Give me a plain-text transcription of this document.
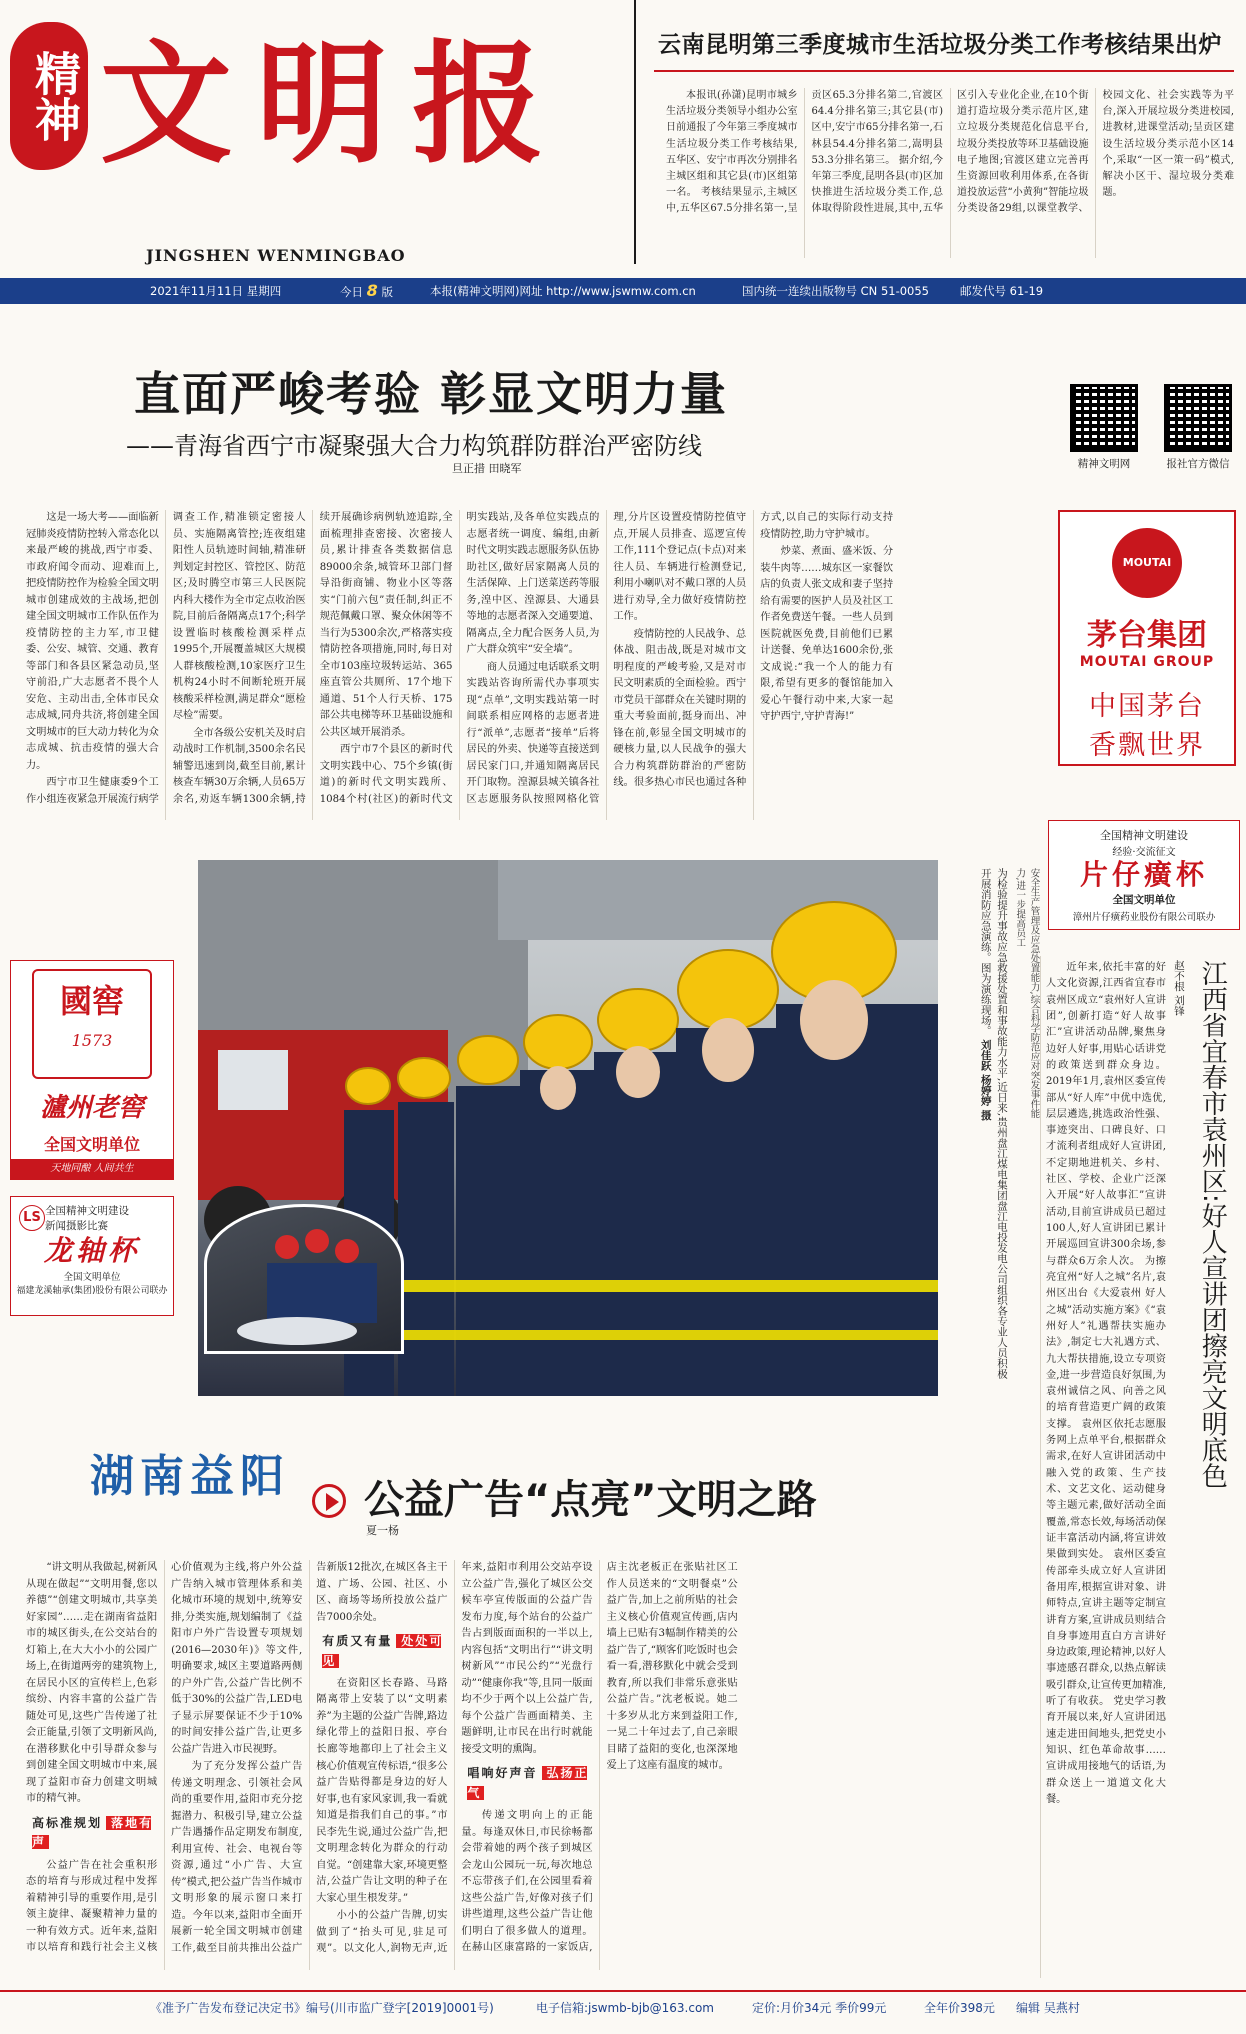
精神 文明报
JINGSHEN WENMINGBAO
云南昆明第三季度城市生活垃圾分类工作考核结果出炉
本报讯(孙潇)昆明市城乡生活垃圾分类领导小组办公室日前通报了今年第三季度城市生活垃圾分类工作考核结果,五华区、安宁市再次分别排名主城区组和其它县(市)区组第一名。 考核结果显示,主城区中,五华区67.5分排名第一,呈贡区65.3分排名第二,官渡区64.4分排名第三;其它县(市)区中,安宁市65分排名第一,石林县54.4分排名第二,嵩明县53.3分排名第三。 据介绍,今年第三季度,昆明各县(市)区加快推进生活垃圾分类工作,总体取得阶段性进展,其中,五华区引入专业化企业,在10个街道打造垃圾分类示范片区,建立垃圾分类规范化信息平台,垃圾分类投放等环卫基础设施电子地图;官渡区建立完善再生资源回收利用体系,在各街道投放运营“小黄狗”智能垃圾分类设备29组,以课堂教学、校园文化、社会实践等为平台,深入开展垃圾分类进校园,进教材,进课堂活动;呈贡区建设生活垃圾分类示范小区14个,采取“一区一策一码”模式,解决小区干、湿垃圾分类难题。
2021年11月11日 星期四	今日 8 版	本报(精神文明网)网址 http://www.jswmw.com.cn	国内统一连续出版物号 CN 51-0055	邮发代号 61-19
直面严峻考验 彰显文明力量
——青海省西宁市凝聚强大合力构筑群防群治严密防线
旦正措 田晓军	精神文明网	报社官方微信

这是一场大考——面临新冠肺炎疫情防控转入常态化以来最严峻的挑战,西宁市委、市政府闻令而动、迎难而上,把疫情防控作为检验全国文明城市创建成效的主战场,把创建全国文明城市工作队伍作为疫情防控的主力军,市卫健委、公安、城管、交通、教育等部门和各县区紧急动员,坚守前沿,广大志愿者不畏个人安危、主动出击,全体市民众志成城,同舟共济,将创建全国文明城市的巨大动力转化为众志成城、抗击疫情的强大合力。

西宁市卫生健康委9个工作小组连夜紧急开展流行病学调查工作,精准锁定密接人员、实施隔离管控;连夜组建阳性人员轨迹时间轴,精准研判划定封控区、管控区、防范区;及时腾空市第三人民医院内科大楼作为全市定点收治医院,目前后备隔离点17个;科学设置临时核酸检测采样点1995个,开展覆盖城区大规模人群核酸检测,10家医疗卫生机构24小时不间断轮班开展核酸采样检测,满足群众“愿检尽检”需要。

全市各级公安机关及时启动战时工作机制,3500余名民辅警迅速到岗,截至目前,累计核查车辆30万余辆,人员65万余名,劝返车辆1300余辆,持续开展确诊病例轨迹追踪,全面梳理排查密接、次密接人员,累计排查各类数据信息89000余条,城管环卫部门督导沿街商铺、物业小区等落实“门前六包”责任制,纠正不规范佩戴口罩、聚众休闲等不当行为5300余次,严格落实疫情防控各项措施,同时,每日对全市103座垃圾转运站、365座直管公共厕所、17个地下通道、51个人行天桥、175部公共电梯等环卫基础设施和公共区域开展消杀。

西宁市7个县区的新时代文明实践中心、75个乡镇(街道)的新时代文明实践所、1084个村(社区)的新时代文明实践站,及各单位实践点的志愿者统一调度、编组,由新时代文明实践志愿服务队伍协助社区,做好居家隔离人员的生活保障、上门送菜送药等服务,湟中区、湟源县、大通县等地的志愿者深入交通要道、隔离点,全力配合医务人员,为广大群众筑牢“安全墙”。

商人员通过电话联系文明实践站咨询所需代办事项实现“点单”,文明实践站第一时间联系相应网格的志愿者进行“派单”,志愿者“接单”后将居民的外卖、快递等直接送到居民家门口,并通知隔离居民开门取物。湟源县城关镇各社区志愿服务队按照网格化管理,分片区设置疫情防控值守点,开展人员排查、巡逻宣传工作,111个登记点(卡点)对来往人员、车辆进行检测登记,利用小喇叭对不戴口罩的人员进行劝导,全力做好疫情防控工作。

疫情防控的人民战争、总体战、阻击战,既是对城市文明程度的严峻考验,又是对市民文明素质的全面检验。西宁市党员干部群众在关键时期的重大考验面前,挺身而出、冲锋在前,彰显全国文明城市的硬核力量,以人民战争的强大合力构筑群防群治的严密防线。很多热心市民也通过各种方式,以自己的实际行动支持疫情防控,助力守护城市。

炒菜、煮面、盛米饭、分装牛肉等……城东区一家餐饮店的负责人张文成和妻子坚持给有需要的医护人员及社区工作者免费送午餐。一些人员到医院就医免费,目前他们已累计送餐、免单达1600余份,张文成说:“我一个人的能力有限,希望有更多的餐馆能加入爱心午餐行动中来,大家一起守护西宁,守护青海!”

MOUTAI
茅台集团
MOUTAI GROUP
中国茅台
香飘世界
全国精神文明建设
经验·交流征文
片仔癀杯
全国文明单位
漳州片仔癀药业股份有限公司联办
为检验提升事故应急救援处置和事故能力水平,近日来,贵州盘江煤电集团盘江电投发电公司组织各专业人员积极开展消防应急演练。图为演练现场。 刘佳跃 杨婷婷 摄	安全生产管理及应急处置能力,综合科学防范应对突发事件能力,进一步提高员工
國窖
1573
瀘州老窖
全国文明单位
天地同酿 人间共生
LS 全国精神文明建设
新闻摄影比赛
龙轴杯
全国文明单位
福建龙溪轴承(集团)股份有限公司联办	江西省宜春市袁州区:好人宣讲团擦亮文明底色
赵不根 刘锋
近年来,依托丰富的好人文化资源,江西省宜春市袁州区成立“袁州好人宣讲团”,创新打造“好人故事汇”宣讲活动品牌,聚焦身边好人好事,用贴心话讲党的政策送到群众身边。 2019年1月,袁州区委宣传部从“好人库”中优中选优,层层遴选,挑选政治性强、事迹突出、口碑良好、口才流利者组成好人宣讲团,不定期地进机关、乡村、社区、学校、企业广泛深入开展“好人故事汇”宣讲活动,目前宣讲成员已超过100人,好人宣讲团已累计开展巡回宣讲300余场,参与群众6万余人次。 为擦亮宜州“好人之城”名片,袁州区出台《大爱袁州 好人之城”活动实施方案》《“袁州好人”礼遇帮扶实施办法》,制定七大礼遇方式、九大帮扶措施,设立专项资金,进一步营造良好氛围,为袁州诚信之风、向善之风的培育营造更广阔的政策支撑。 袁州区依托志愿服务网上点单平台,根据群众需求,在好人宣讲团活动中融入党的政策、生产技术、文艺文化、运动健身等主题元素,做好活动全面覆盖,常态长效,每场活动保证丰富活动内涵,将宣讲效果做到实处。 袁州区委宣传部牵头成立好人宣讲团备用库,根据宣讲对象、讲师特点,宣讲主题等定制宣讲育方案,宣讲成员则结合自身事迹用直白方言讲好身边政策,理论精神,以好人事迹感召群众,以热点解读吸引群众,让宣传更加精准,听了有收获。 党史学习教育开展以来,好人宣讲团迅速走进田间地头,把党史小知识、红色革命故事……宣讲成用接地气的话语,为群众送上一道道文化大餐。
湖南益阳 公益广告“点亮”文明之路
夏一杨

“讲文明从我做起,树新风从现在做起”“文明用餐,您以养德”“创建文明城市,共享美好家园”……走在湖南省益阳市的城区街头,在公交站台的灯箱上,在大大小小的公园广场上,在街道两旁的建筑物上,在居民小区的宣传栏上,色彩缤纷、内容丰富的公益广告随处可见,这些广告传递了社会正能量,引领了文明新风尚,在潜移默化中引导群众参与到创建全国文明城市中来,展现了益阳市奋力创建文明城市的精气神。

高标准规划 落地有声

公益广告在社会重积形态的培育与形成过程中发挥着精神引导的重要作用,是引领主旋律、凝聚精神力量的一种有效方式。近年来,益阳市以培育和践行社会主义核心价值观为主线,将户外公益广告纳入城市管理体系和美化城市环境的规划中,统筹安排,分类实施,规划编制了《益阳市户外广告设置专项规划(2016—2030年)》等文件,明确要求,城区主要道路两侧的户外广告,公益广告比例不低于30%的公益广告,LED电子显示屏要保证不少于10%的时间安排公益广告,让更多公益广告进入市民视野。

为了充分发挥公益广告传递文明理念、引领社会风尚的重要作用,益阳市充分挖掘潜力、积极引导,建立公益广告遇播作品定期发布制度,利用宣传、社会、电视台等资源,通过“小广告、大宣传”模式,把公益广告当作城市文明形象的展示窗口来打造。今年以来,益阳市全面开展新一轮全国文明城市创建工作,截至目前共推出公益广告新版12批次,在城区各主干道、广场、公园、社区、小区、商场等场所投放公益广告7000余处。

有质又有量 处处可见

在资阳区长春路、马路隔离带上安装了以“文明素养”为主题的公益广告牌,路边绿化带上的益阳日报、亭台长廊等地都印上了社会主义核心价值观宣传标语,“很多公益广告贴得都是身边的好人好事,也有家风家训,我一看就知道是指我们自己的事。”市民李先生说,通过公益广告,把文明理念转化为群众的行动自觉。“创建靠大家,环境更整洁,公益广告让文明的种子在大家心里生根发芽。”

小小的公益广告牌,切实做到了“抬头可见,驻足可观”。以文化人,润物无声,近年来,益阳市利用公交站亭设立公益广告,强化了城区公交候车亭宣传版面的公益广告发布力度,每个站台的公益广告占到版面面积的一半以上,内容包括“文明出行”“讲文明树新风”“市民公约”“光盘行动”“健康你我”等,且同一版面均不少于两个以上公益广告,每个公益广告画面精美、主题鲜明,让市民在出行时就能接受文明的熏陶。

唱响好声音 弘扬正气

传递文明向上的正能量。每逢双休日,市民徐畅都会带着她的两个孩子到城区会龙山公园玩一玩,每次地总不忘带孩子们,在公园里看着这些公益广告,好像对孩子们讲些道理,这些公益广告让他们明白了很多做人的道理。在赫山区康富路的一家饭店,店主沈老板正在张贴社区工作人员送来的“文明餐桌”公益广告,加上之前所贴的社会主义核心价值观宣传画,店内墙上已贴有3幅制作精美的公益广告了,“顾客们吃饭时也会看一看,潜移默化中就会受到教育,所以我们非常乐意张贴公益广告。”沈老板说。她二十多岁从北方来到益阳工作,一晃二十年过去了,自己亲眼目睹了益阳的变化,也深深地爱上了这座有温度的城市。

《准予广告发布登记决定书》编号(川市监广登字[2019]0001号)	电子信箱:jswmb-bjb@163.com	定价:月价34元 季价99元	全年价398元 编辑 吴燕村
